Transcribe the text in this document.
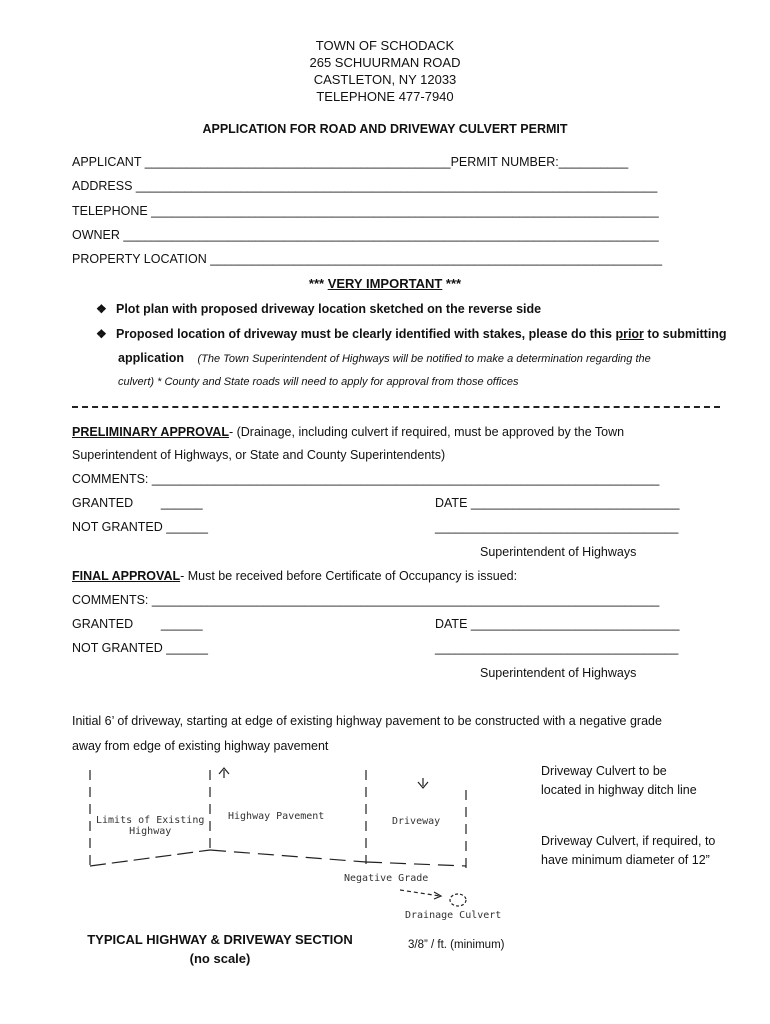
TOWN OF SCHODACK
265 SCHUURMAN ROAD
CASTLETON, NY 12033
TELEPHONE 477-7940
APPLICATION FOR ROAD AND DRIVEWAY CULVERT PERMIT
APPLICANT ____________________________________________PERMIT NUMBER:__________
ADDRESS ___________________________________________________________________________
TELEPHONE _________________________________________________________________________
OWNER _____________________________________________________________________________
PROPERTY LOCATION _________________________________________________________________
*** VERY IMPORTANT ***
❖ Plot plan with proposed driveway location sketched on the reverse side
❖ Proposed location of driveway must be clearly identified with stakes, please do this prior to submitting
application (The Town Superintendent of Highways will be notified to make a determination regarding the
culvert) * County and State roads will need to apply for approval from those offices
PRELIMINARY APPROVAL- (Drainage, including culvert if required, must be approved by the Town
Superintendent of Highways, or State and County Superintendents)
COMMENTS: _________________________________________________________________________
GRANTED        ______	DATE ______________________________
NOT GRANTED ______	___________________________________
Superintendent of Highways
FINAL APPROVAL- Must be received before Certificate of Occupancy is issued:
COMMENTS: _________________________________________________________________________
GRANTED        ______	DATE ______________________________
NOT GRANTED ______	___________________________________
Superintendent of Highways
Initial 6’ of driveway, starting at edge of existing highway pavement to be constructed with a negative grade
away from edge of existing highway pavement
Limits of Existing
Highway
Highway Pavement	Driveway
Negative Grade
Drainage Culvert
Driveway Culvert to be
located in highway ditch line
Driveway Culvert, if required, to
have minimum diameter of 12”
TYPICAL HIGHWAY & DRIVEWAY SECTION
(no scale)
3/8” / ft. (minimum)
